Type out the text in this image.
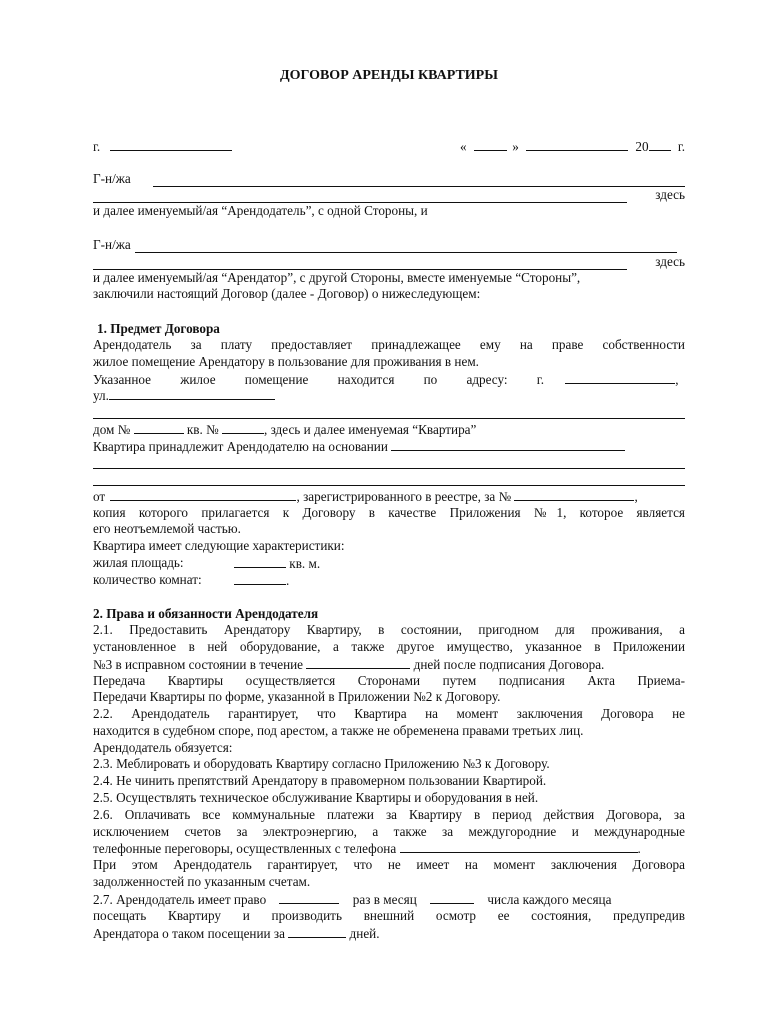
ДОГОВОР АРЕНДЫ КВАРТИРЫ
г.	«	»	20 г.
Г-н/жа
здесь
и далее именуемый/ая “Арендодатель”, с одной Стороны, и
Г-н/жа
здесь
и далее именуемый/ая “Арендатор”, с другой Стороны, вместе именуемые “Стороны”,
заключили настоящий Договор (далее - Договор) о нижеследующем:
1. Предмет Договора
Арендодатель за плату предоставляет принадлежащее ему на праве собственности
жилое помещение Арендатору в пользование для проживания в нем.
Указанное жилое помещение находится по адресу: г.	,
ул.
дом №	кв. №	, здесь и далее именуемая “Квартира”
Квартира принадлежит Арендодателю на основании
от	, зарегистрированного в реестре, за №	,
копия которого прилагается к Договору в качестве Приложения №1, которое является
его неотъемлемой частью.
Квартира имеет следующие характеристики:
жилая площадь:	кв. м.
количество комнат:	.
2. Права и обязанности Арендодателя
2.1. Предоставить Арендатору Квартиру, в состоянии, пригодном для проживания, а
установленное в ней оборудование, а также другое имущество, указанное в Приложении
№3 в исправном состоянии в течение	дней после подписания Договора.
Передача Квартиры осуществляется Сторонами путем подписания Акта Приема-
Передачи Квартиры по форме, указанной в Приложении №2 к Договору.
2.2. Арендодатель гарантирует, что Квартира на момент заключения Договора не
находится в судебном споре, под арестом, а также не обременена правами третьих лиц.
Арендодатель обязуется:
2.3. Меблировать и оборудовать Квартиру согласно Приложению №3 к Договору.
2.4. Не чинить препятствий Арендатору в правомерном пользовании Квартирой.
2.5. Осуществлять техническое обслуживание Квартиры и оборудования в ней.
2.6. Оплачивать все коммунальные платежи за Квартиру в период действия Договора, за
исключением счетов за электроэнергию, а также за междугородние и международные
телефонные переговоры, осуществленных с телефона	.
При этом Арендодатель гарантирует, что не имеет на момент заключения Договора
задолженностей по указанным счетам.
2.7. Арендодатель имеет право	раз в месяц	числа каждого месяца
посещать Квартиру и производить внешний осмотр ее состояния, предупредив
Арендатора о таком посещении за	дней.
